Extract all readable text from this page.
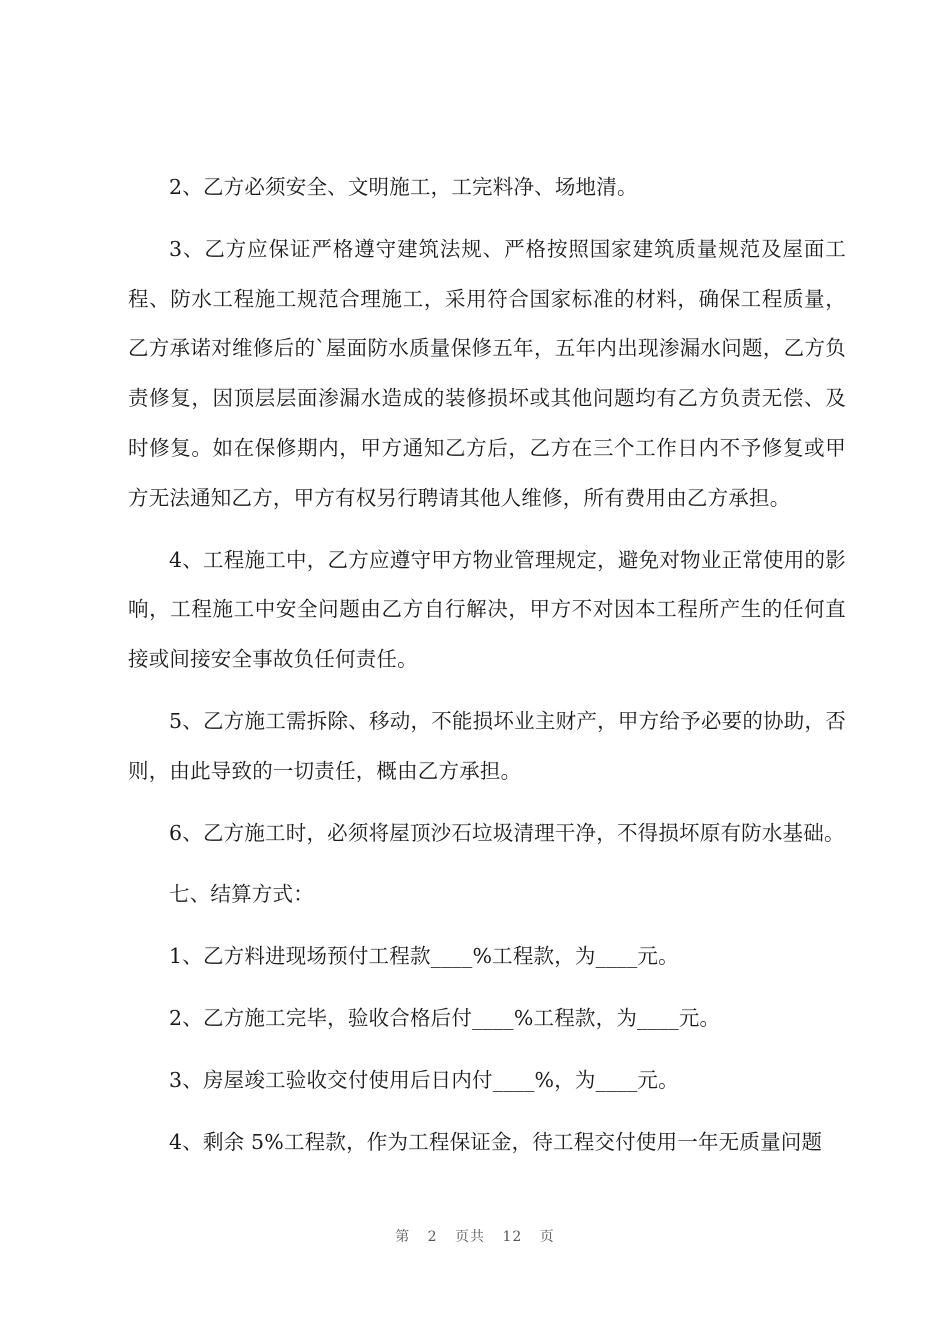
2、乙方必须安全、文明施工，工完料净、场地清。

3、乙方应保证严格遵守建筑法规、严格按照国家建筑质量规范及屋面工程、防水工程施工规范合理施工，采用符合国家标准的材料，确保工程质量，乙方承诺对维修后的`屋面防水质量保修五年，五年内出现渗漏水问题，乙方负责修复，因顶层层面渗漏水造成的装修损坏或其他问题均有乙方负责无偿、及时修复。如在保修期内，甲方通知乙方后，乙方在三个工作日内不予修复或甲方无法通知乙方，甲方有权另行聘请其他人维修，所有费用由乙方承担。

4、工程施工中，乙方应遵守甲方物业管理规定，避免对物业正常使用的影响，工程施工中安全问题由乙方自行解决，甲方不对因本工程所产生的任何直接或间接安全事故负任何责任。

5、乙方施工需拆除、移动，不能损坏业主财产，甲方给予必要的协助，否则，由此导致的一切责任，概由乙方承担。

6、乙方施工时，必须将屋顶沙石垃圾清理干净，不得损坏原有防水基础。

七、结算方式：

1、乙方料进现场预付工程款____%工程款，为____元。

2、乙方施工完毕，验收合格后付____%工程款，为____元。

3、房屋竣工验收交付使用后日内付____%，为____元。

4、剩余 5%工程款，作为工程保证金，待工程交付使用一年无质量问题

第 2 页共 12 页
